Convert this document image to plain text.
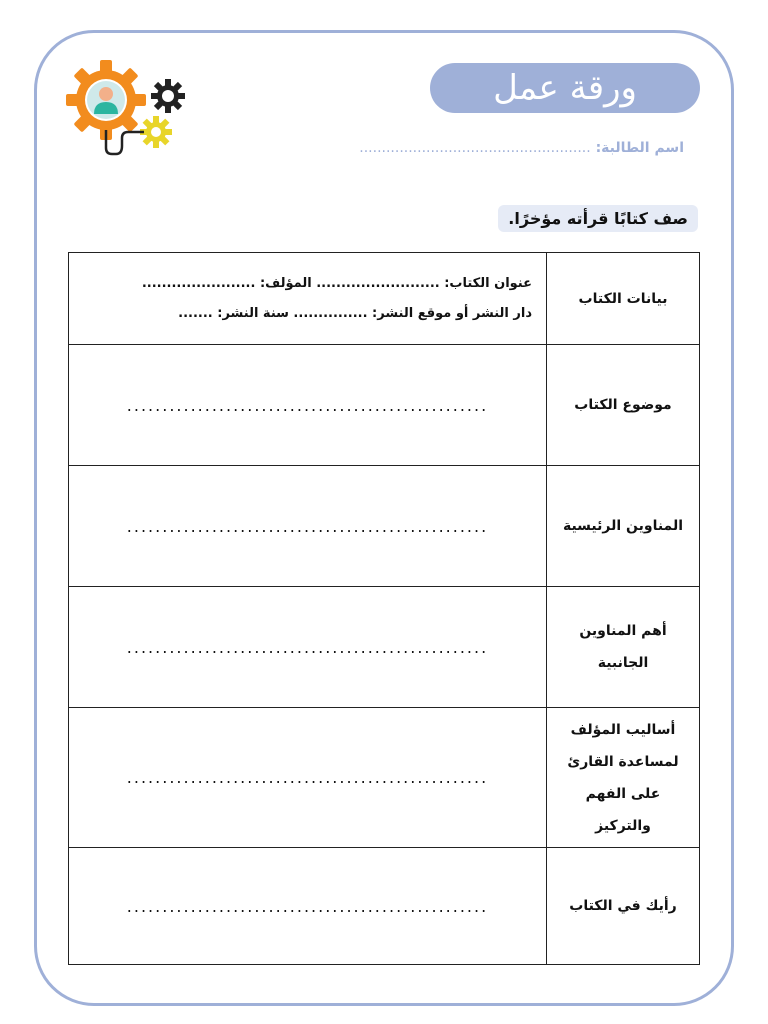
ورقة عمل
اسم الطالبة: ....................................................
صف كتابًا قرأته مؤخرًا.
بيانات الكتاب	عنوان الكتاب: ......................... المؤلف: .......................
دار النشر أو موقع النشر: ............... سنة النشر: .......

موضوع الكتاب	...................................................

المناوين الرئيسية	...................................................

أهم المناوين الجانبية	...................................................

أساليب المؤلف لمساعدة القارئ على الفهم والتركيز	...................................................

رأيك في الكتاب	...................................................
